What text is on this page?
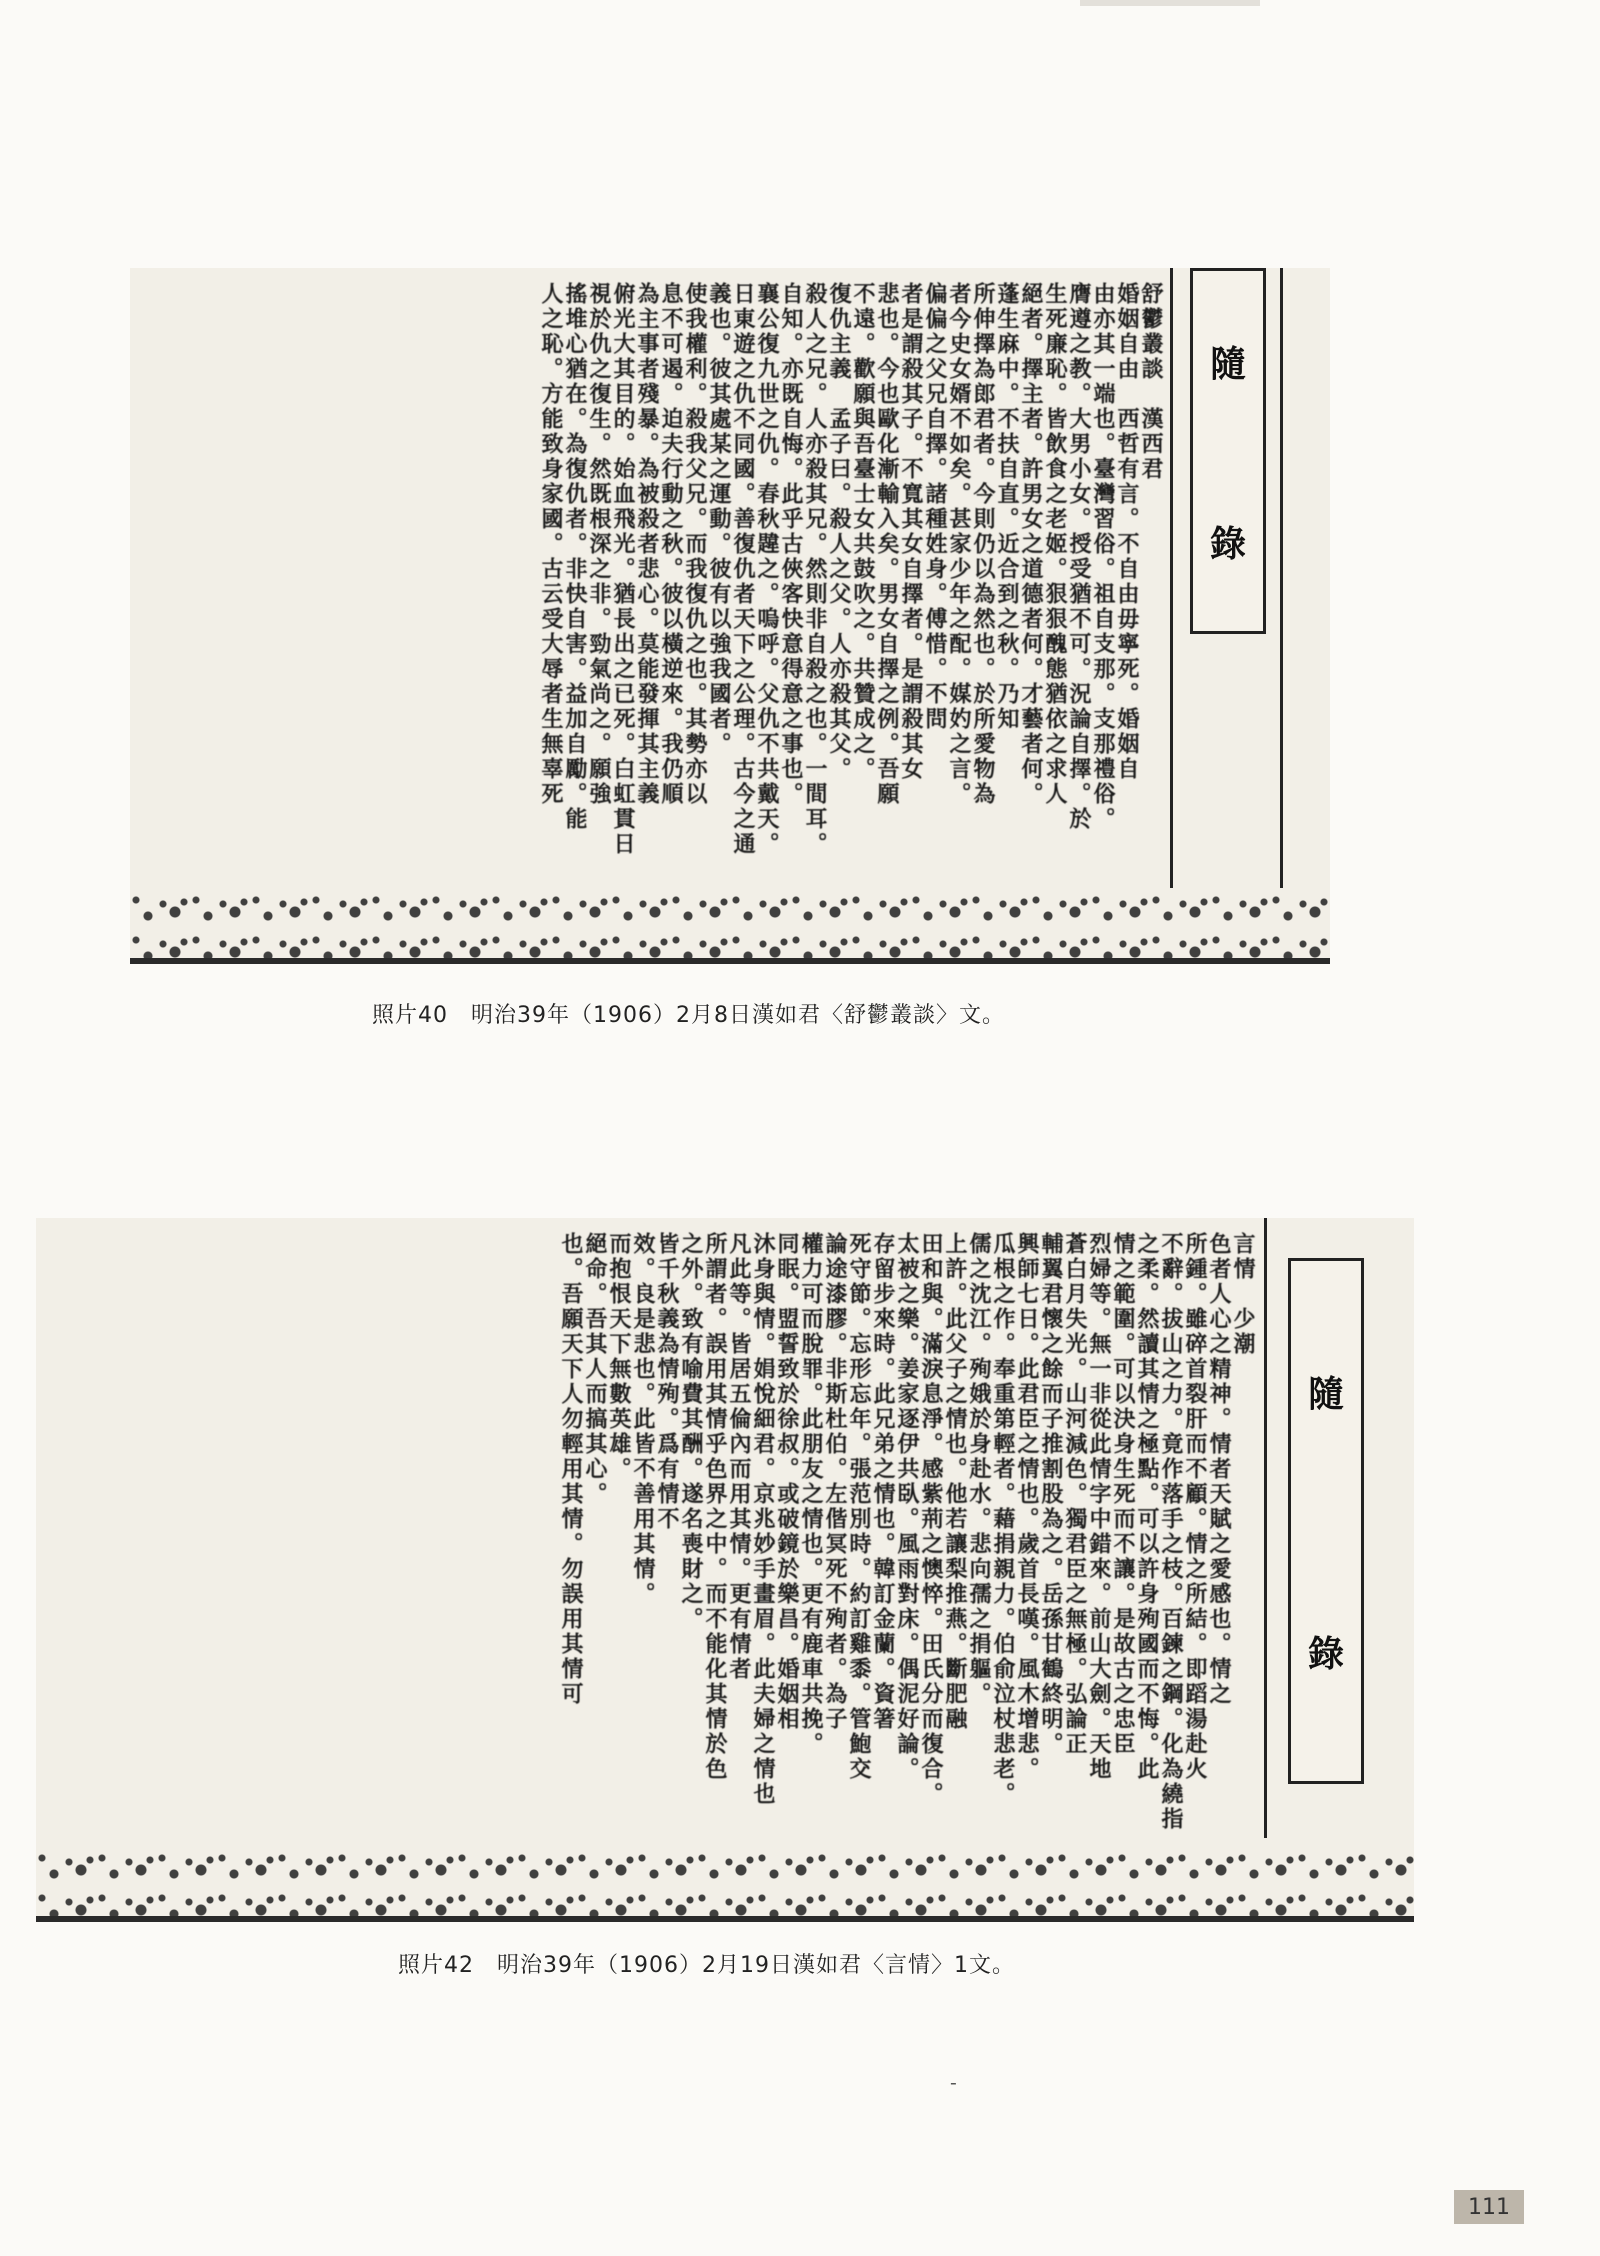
隨
錄
舒鬱叢談　漢西君
婚姻自由　西哲有言。不自由毋寧死。婚姻自
由亦其一端也。臺灣習俗。祖自支那。支那禮俗。
膺遵之教。大男小女。授受猶不可。況論自擇。於
生死廉恥。皆飲食之老姬。狠狠醜態猶依之求人
絕者。擇主者。許男女之道德者何。才藝者何。
蓬生麻中。不扶自直。近合到之秋。乃知
所伸擇為郎君者。今則仍以為然也。於所愛物為
者今史女婿不如矣。甚家少年之配。媒妁之言。
偏偏之父兄自擇。諸種姓身。傅惜。不問
者是謂殺其子。不寬其女自擇者。是謂殺其女
悲也。今也歐化漸輸入矣。男女自擇之例。吾願
不遠。歡願與吾臺士女共鼓吹之。共贊成之。
復仇主義　孟子曰。殺人之父。人亦殺其父。
殺人之兄。人亦殺其兄。然則非自殺之也。一間耳。
自知。亦既自悔。此乎古俠客快意得意之事也。
襄公復九世之仇。春秋韙之。嗚呼。父仇不共戴天。
日東遊之仇不同國。善復仇者天下之公理。古今之通
義也。彼其處某之運動。彼有以強我國者。
使我權利。殺我父兄。而我復仇之也。其勢亦以
息不可遏。迫夫行動之秋。彼以橫逆來。我仍順
為主事者殘暴。為被殺者悲心。莫能發揮其主義
俯光大其目的。始血飛光。猶長出之已死。白虹貫日
視於仇之復生。然既根深之非。勁氣尚之。願強
搖堆心猶在。為復仇者。非快自害。益加自勵。能
人之恥。方能致身家國。古云受大辱者生無辜死
照片40　明治39年（1906）2月8日漢如君〈舒鬱叢談〉文。
隨
錄
言情　少潮
色者人心之精神。情者天賦之愛感也。情之
所鍾。雖碎首裂肝而不顧。情之所結。即蹈湯赴火
不辭。拔山之力。竟作落手之枝。百鍊之鋼。化為繞指
之柔。然讀其情之極點。可以許身殉國而不悔。此
情之範圍。可以決身生死而不讓。是故古之忠臣
烈婦等。無一非從此情字中錯來。前山大劍。天地
蒼白月失光。山河減色。獨君臣之無極。弘論正
輔翼君懷之餘而子推割股為之。岳孫甘鶴終明。
興師七日。此君臣之情也。歲首長嘆。風木增悲。
瓜根之作。奉重第輕者。藉捐親力。伯俞泣杖悲老。
儒之沈江。殉娥於身赴水。悲向孺之捐軀。
上許。此父子之情也。他若讓梨推燕。斷肥融
田和與。滿淚息淨。感紫荊之懊悴。田氏分而復合。
太被之樂。姜家逐伊共臥。風雨對床。偶泥好論。
存留步來時。此兄弟之情也。韓訂金蘭。資箸
死守節。忘形忘年。張范別時。約訂雞黍。管鮑交
論途漆膠。非斯杜伯。左偕冥死不殉者。為子
權力可而脫罪。此朋友之情也。更有鹿車共挽。
同眠。盟誓致於徐叔。或破鏡於樂昌。婚姻相
沐身與情。娟悅細君。京兆妙手畫眉。此夫婦之情也
凡此等。皆居五倫內而用其情。更有情者
所謂者。誤用其情乎色界之中。而不能化其情於色
之外。致有喻費其酬。遂名喪財之。
皆千秋義為情殉。爲有情不
效。良是悲也。此皆不善用其情。
而抱恨天下無數英雄。
絕命。吾其人而搞其心。
也。吾願天下人勿輕用其情。勿誤用其情可
照片42　明治39年（1906）2月19日漢如君〈言情〉1文。
-
111
